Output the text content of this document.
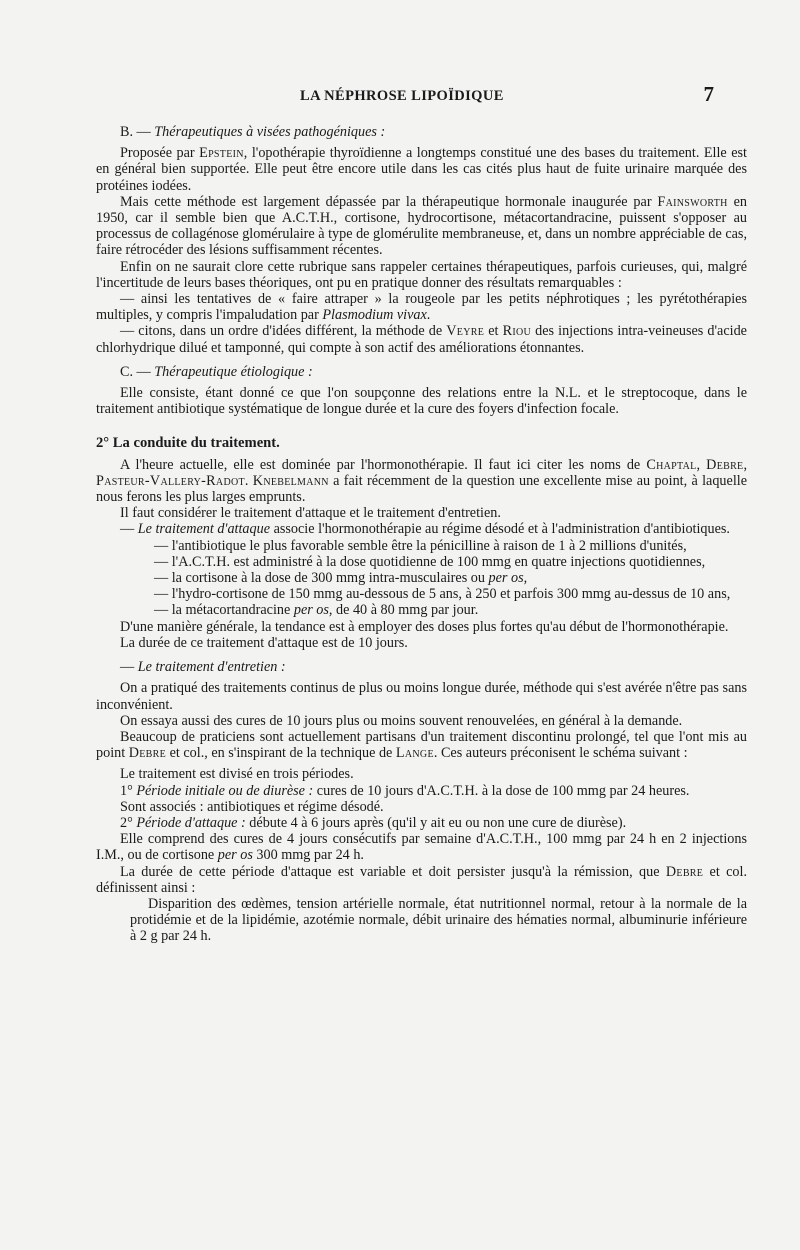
LA NÉPHROSE LIPOÏDIQUE	7

B. — Thérapeutiques à visées pathogéniques :

Proposée par Epstein, l'opothérapie thyroïdienne a longtemps constitué une des bases du traitement. Elle est en général bien supportée. Elle peut être encore utile dans les cas cités plus haut de fuite urinaire marquée des protéines iodées.

Mais cette méthode est largement dépassée par la thérapeutique hormonale inaugurée par Fainsworth en 1950, car il semble bien que A.C.T.H., cortisone, hydrocortisone, métacortandracine, puissent s'opposer au processus de collagénose glomérulaire à type de glomérulite membraneuse, et, dans un nombre appréciable de cas, faire rétrocéder des lésions suffisamment récentes.

Enfin on ne saurait clore cette rubrique sans rappeler certaines thérapeutiques, parfois curieuses, qui, malgré l'incertitude de leurs bases théoriques, ont pu en pratique donner des résultats remarquables :

— ainsi les tentatives de « faire attraper » la rougeole par les petits néphrotiques ; les pyrétothérapies multiples, y compris l'impaludation par Plasmodium vivax.

— citons, dans un ordre d'idées différent, la méthode de Veyre et Riou des injections intra-veineuses d'acide chlorhydrique dilué et tamponné, qui compte à son actif des améliorations étonnantes.

C. — Thérapeutique étiologique :

Elle consiste, étant donné ce que l'on soupçonne des relations entre la N.L. et le streptocoque, dans le traitement antibiotique systématique de longue durée et la cure des foyers d'infection focale.

2° La conduite du traitement.

A l'heure actuelle, elle est dominée par l'hormonothérapie. Il faut ici citer les noms de Chaptal, Debre, Pasteur-Vallery-Radot. Knebelmann a fait récemment de la question une excellente mise au point, à laquelle nous ferons les plus larges emprunts.

Il faut considérer le traitement d'attaque et le traitement d'entretien.

— Le traitement d'attaque associe l'hormonothérapie au régime désodé et à l'administration d'antibiotiques.

— l'antibiotique le plus favorable semble être la pénicilline à raison de 1 à 2 millions d'unités,

— l'A.C.T.H. est administré à la dose quotidienne de 100 mmg en quatre injections quotidiennes,

— la cortisone à la dose de 300 mmg intra-musculaires ou per os,

— l'hydro-cortisone de 150 mmg au-dessous de 5 ans, à 250 et parfois 300 mmg au-dessus de 10 ans,

— la métacortandracine per os, de 40 à 80 mmg par jour.

D'une manière générale, la tendance est à employer des doses plus fortes qu'au début de l'hormonothérapie.

La durée de ce traitement d'attaque est de 10 jours.

— Le traitement d'entretien :

On a pratiqué des traitements continus de plus ou moins longue durée, méthode qui s'est avérée n'être pas sans inconvénient.

On essaya aussi des cures de 10 jours plus ou moins souvent renouvelées, en général à la demande.

Beaucoup de praticiens sont actuellement partisans d'un traitement discontinu prolongé, tel que l'ont mis au point Debre et col., en s'inspirant de la technique de Lange. Ces auteurs préconisent le schéma suivant :

Le traitement est divisé en trois périodes.

1° Période initiale ou de diurèse : cures de 10 jours d'A.C.T.H. à la dose de 100 mmg par 24 heures.

Sont associés : antibiotiques et régime désodé.

2° Période d'attaque : débute 4 à 6 jours après (qu'il y ait eu ou non une cure de diurèse).

Elle comprend des cures de 4 jours consécutifs par semaine d'A.C.T.H., 100 mmg par 24 h en 2 injections I.M., ou de cortisone per os 300 mmg par 24 h.

La durée de cette période d'attaque est variable et doit persister jusqu'à la rémission, que Debre et col. définissent ainsi :

Disparition des œdèmes, tension artérielle normale, état nutritionnel normal, retour à la normale de la protidémie et de la lipidémie, azotémie normale, débit urinaire des hématies normal, albuminurie inférieure à 2 g par 24 h.
